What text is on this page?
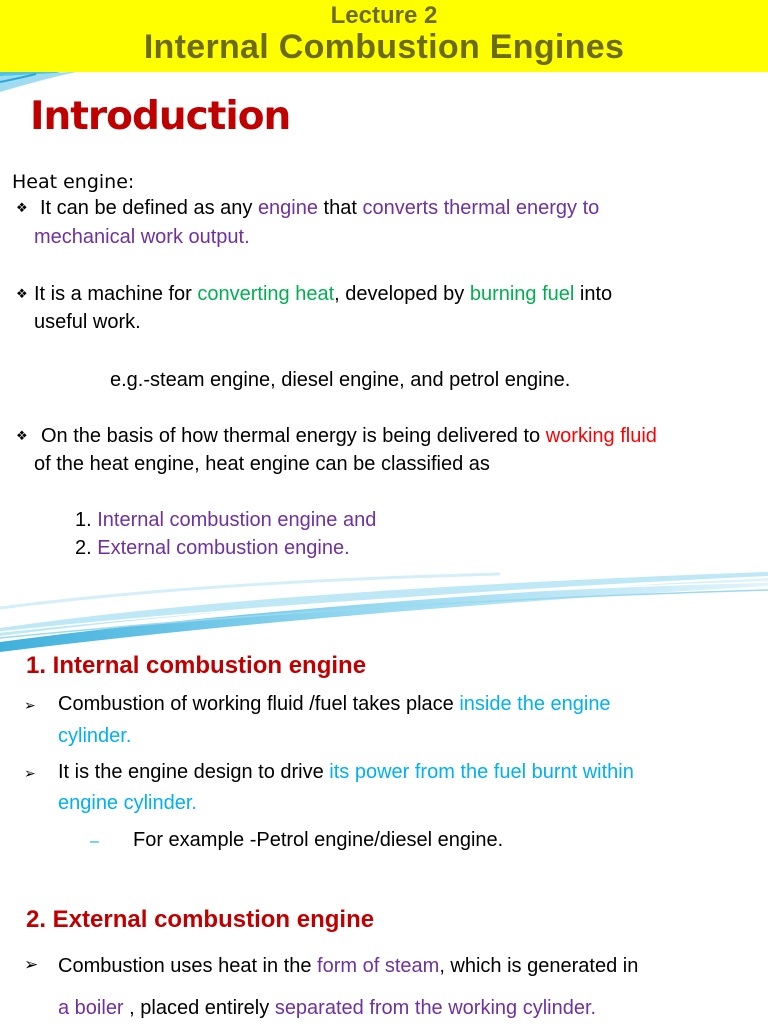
Lecture 2
Internal Combustion Engines
Introduction
Heat engine:
❖ It can be defined as any engine that converts thermal energy to
mechanical work output.
❖ It is a machine for converting heat, developed by burning fuel into
useful work.
e.g.-steam engine, diesel engine, and petrol engine.
❖ On the basis of how thermal energy is being delivered to working fluid
of the heat engine, heat engine can be classified as
1. Internal combustion engine and
2. External combustion engine.
1. Internal combustion engine
➢ Combustion of working fluid /fuel takes place inside the engine
cylinder.
➢ It is the engine design to drive its power from the fuel burnt within
engine cylinder.
– For example -Petrol engine/diesel engine.
2. External combustion engine
➢ Combustion uses heat in the form of steam, which is generated in
a boiler , placed entirely separated from the working cylinder.
